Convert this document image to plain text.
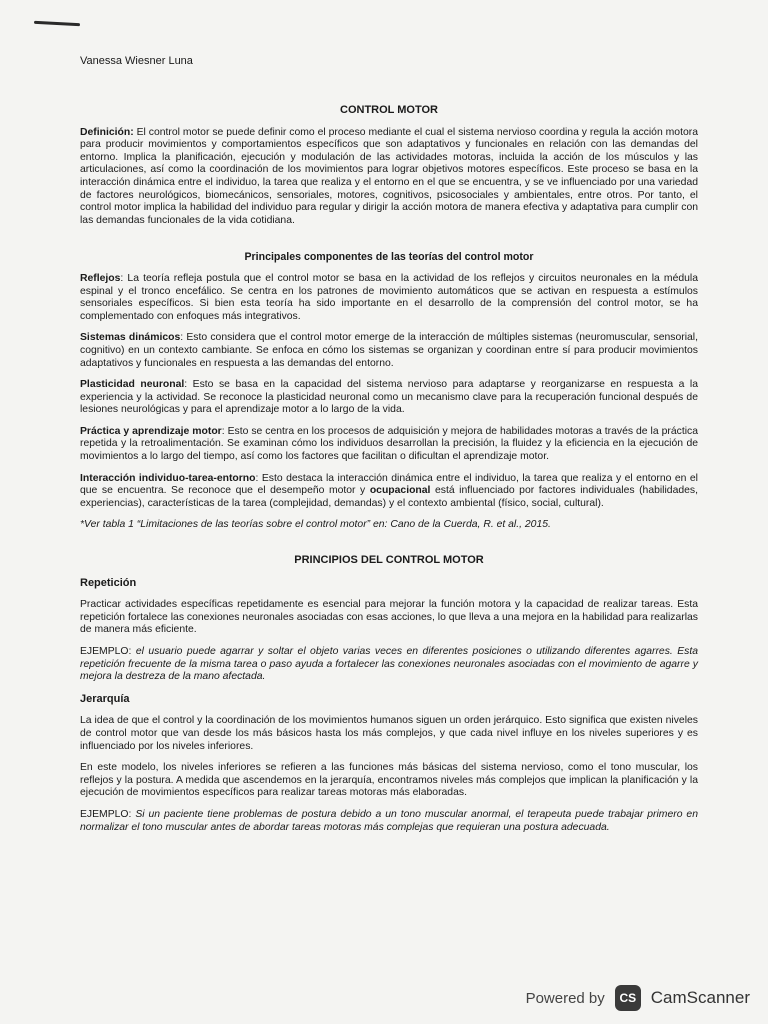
Vanessa Wiesner Luna
CONTROL MOTOR

Definición: El control motor se puede definir como el proceso mediante el cual el sistema nervioso coordina y regula la acción motora para producir movimientos y comportamientos específicos que son adaptativos y funcionales en relación con las demandas del entorno. Implica la planificación, ejecución y modulación de las actividades motoras, incluida la acción de los músculos y las articulaciones, así como la coordinación de los movimientos para lograr objetivos motores específicos. Este proceso se basa en la interacción dinámica entre el individuo, la tarea que realiza y el entorno en el que se encuentra, y se ve influenciado por una variedad de factores neurológicos, biomecánicos, sensoriales, motores, cognitivos, psicosociales y ambientales, entre otros. Por tanto, el control motor implica la habilidad del individuo para regular y dirigir la acción motora de manera efectiva y adaptativa para cumplir con las demandas funcionales de la vida cotidiana.

Principales componentes de las teorías del control motor

Reflejos: La teoría refleja postula que el control motor se basa en la actividad de los reflejos y circuitos neuronales en la médula espinal y el tronco encefálico. Se centra en los patrones de movimiento automáticos que se activan en respuesta a estímulos sensoriales específicos. Si bien esta teoría ha sido importante en el desarrollo de la comprensión del control motor, se ha complementado con enfoques más integrativos.

Sistemas dinámicos: Esto considera que el control motor emerge de la interacción de múltiples sistemas (neuromuscular, sensorial, cognitivo) en un contexto cambiante. Se enfoca en cómo los sistemas se organizan y coordinan entre sí para producir movimientos adaptativos y funcionales en respuesta a las demandas del entorno.

Plasticidad neuronal: Esto se basa en la capacidad del sistema nervioso para adaptarse y reorganizarse en respuesta a la experiencia y la actividad. Se reconoce la plasticidad neuronal como un mecanismo clave para la recuperación funcional después de lesiones neurológicas y para el aprendizaje motor a lo largo de la vida.

Práctica y aprendizaje motor: Esto se centra en los procesos de adquisición y mejora de habilidades motoras a través de la práctica repetida y la retroalimentación. Se examinan cómo los individuos desarrollan la precisión, la fluidez y la eficiencia en la ejecución de movimientos a lo largo del tiempo, así como los factores que facilitan o dificultan el aprendizaje motor.

Interacción individuo-tarea-entorno: Esto destaca la interacción dinámica entre el individuo, la tarea que realiza y el entorno en el que se encuentra. Se reconoce que el desempeño motor y ocupacional está influenciado por factores individuales (habilidades, experiencias), características de la tarea (complejidad, demandas) y el contexto ambiental (físico, social, cultural).

*Ver tabla 1 “Limitaciones de las teorías sobre el control motor” en: Cano de la Cuerda, R. et al., 2015.

PRINCIPIOS DEL CONTROL MOTOR
Repetición

Practicar actividades específicas repetidamente es esencial para mejorar la función motora y la capacidad de realizar tareas. Esta repetición fortalece las conexiones neuronales asociadas con esas acciones, lo que lleva a una mejora en la habilidad para realizarlas de manera más eficiente.

EJEMPLO: el usuario puede agarrar y soltar el objeto varias veces en diferentes posiciones o utilizando diferentes agarres. Esta repetición frecuente de la misma tarea o paso ayuda a fortalecer las conexiones neuronales asociadas con el movimiento de agarre y mejora la destreza de la mano afectada.

Jerarquía

La idea de que el control y la coordinación de los movimientos humanos siguen un orden jerárquico. Esto significa que existen niveles de control motor que van desde los más básicos hasta los más complejos, y que cada nivel influye en los niveles superiores y es influenciado por los niveles inferiores.

En este modelo, los niveles inferiores se refieren a las funciones más básicas del sistema nervioso, como el tono muscular, los reflejos y la postura. A medida que ascendemos en la jerarquía, encontramos niveles más complejos que implican la planificación y la ejecución de movimientos específicos para realizar tareas motoras más elaboradas.

EJEMPLO: Si un paciente tiene problemas de postura debido a un tono muscular anormal, el terapeuta puede trabajar primero en normalizar el tono muscular antes de abordar tareas motoras más complejas que requieran una postura adecuada.

Powered by	CS CamScanner
